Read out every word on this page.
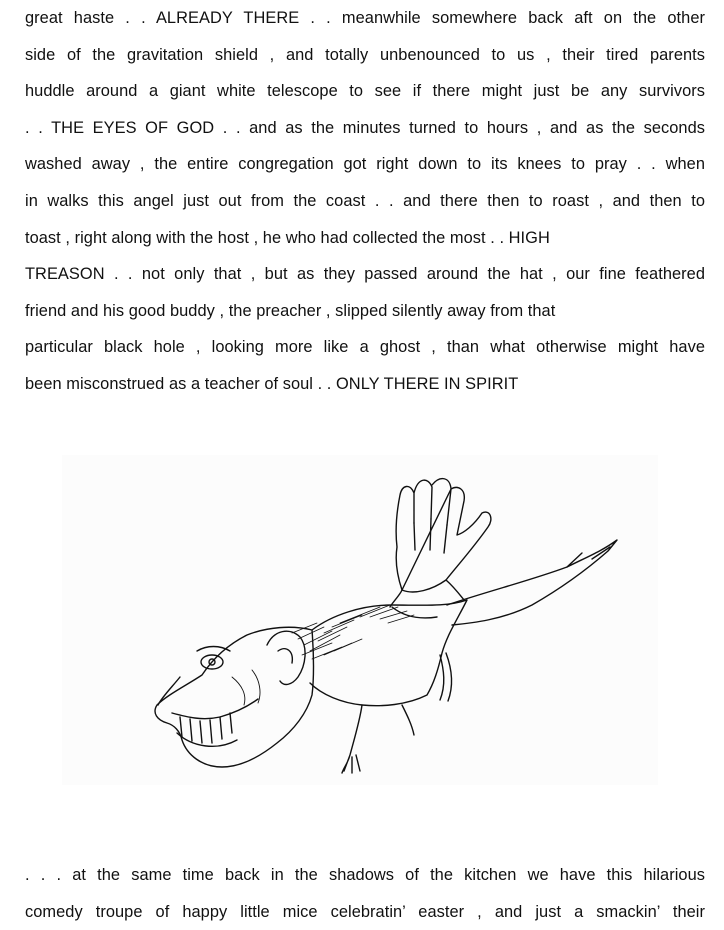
great haste . . ALREADY THERE . . meanwhile somewhere back aft on the other
side of the gravitation shield , and totally unbenounced to us , their tired parents
huddle around a giant white telescope to see if there might just be any survivors
. . THE EYES OF GOD . . and as the minutes turned to hours , and as the seconds
washed away , the entire congregation got right down to its knees to pray . . when
in walks this angel just out from the coast . . and there then to roast , and then to
toast , right along with the host , he who had collected the most . . HIGH
TREASON . . not only that , but as they passed around the hat , our fine feathered
friend and his good buddy , the preacher , slipped silently away from that
particular black hole , looking more like a ghost , than what otherwise might have
been misconstrued as a teacher of soul . . ONLY THERE IN SPIRIT
. . . at the same time back in the shadows of the kitchen we have this hilarious
comedy troupe of happy little mice celebratin’ easter , and just a smackin’ their
